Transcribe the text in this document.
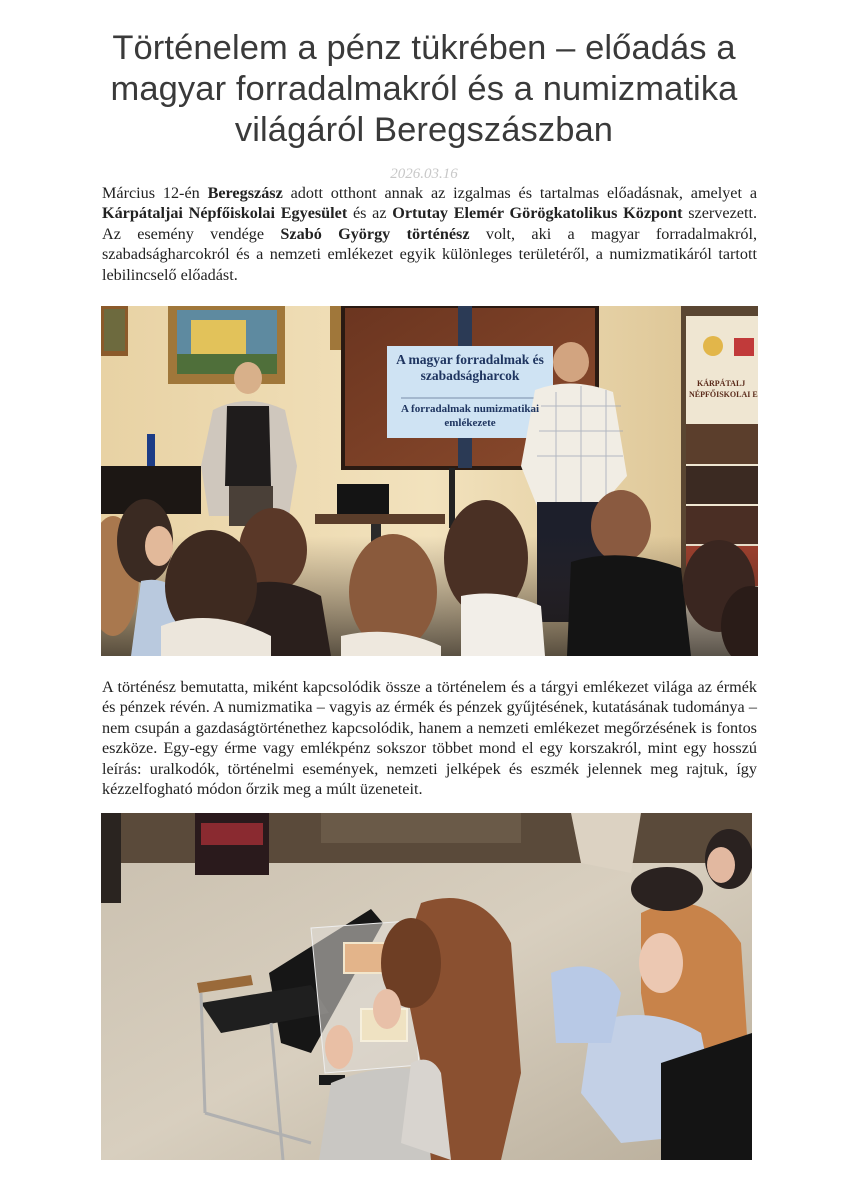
Történelem a pénz tükrében – előadás a magyar forradalmakról és a numizmatika világáról Beregszászban
2026.03.16

Március 12-én Beregszász adott otthont annak az izgalmas és tartalmas előadásnak, amelyet a Kárpátaljai Népfőiskolai Egyesület és az Ortutay Elemér Görögkatolikus Központ szervezett. Az esemény vendége Szabó György történész volt, aki a magyar forradalmakról, szabadságharcokról és a nemzeti emlékezet egyik különleges területéről, a numizmatikáról tartott lebilincselő előadást.

A magyar forradalmak és
szabadságharcok
A forradalmak numizmatikai
emlékezete
KÁRPÁTALJ
NÉPFŐISKOLAI E

A történész bemutatta, miként kapcsolódik össze a történelem és a tárgyi emlékezet világa az érmék és pénzek révén. A numizmatika – vagyis az érmék és pénzek gyűjtésének, kutatásának tudománya – nem csupán a gazdaságtörténethez kapcsolódik, hanem a nemzeti emlékezet megőrzésének is fontos eszköze. Egy-egy érme vagy emlékpénz sokszor többet mond el egy korszakról, mint egy hosszú leírás: uralkodók, történelmi események, nemzeti jelképek és eszmék jelennek meg rajtuk, így kézzelfogható módon őrzik meg a múlt üzeneteit.
